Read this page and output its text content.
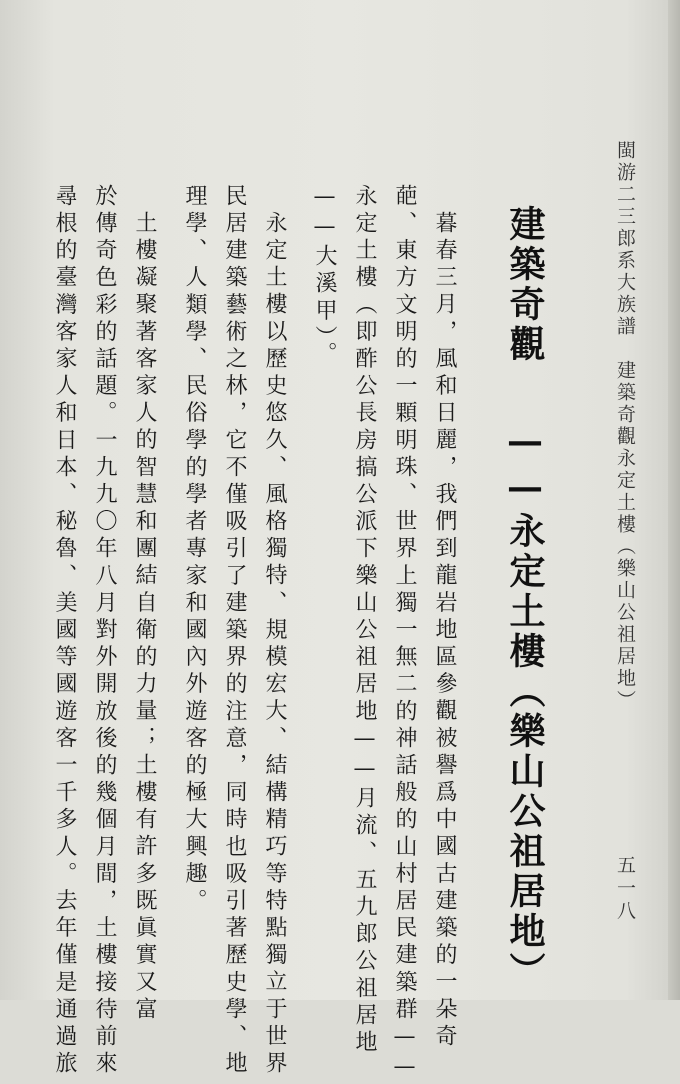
閩游二三郎系大族譜　建築奇觀永定土樓（樂山公祖居地）
五一八
建築奇觀
——永定土樓（樂山公祖居地）
暮春三月，風和日麗，我們到龍岩地區參觀被譽爲中國古建築的一朵奇
葩、東方文明的一顆明珠、世界上獨一無二的神話般的山村居民建築群——
永定土樓（即酢公長房搞公派下樂山公祖居地——月流、五九郎公祖居地
——大溪甲）。
永定土樓以歷史悠久、風格獨特、規模宏大、結構精巧等特點獨立于世界
民居建築藝術之林，它不僅吸引了建築界的注意，同時也吸引著歷史學、地
理學、人類學、民俗學的學者專家和國內外遊客的極大興趣。
土樓凝聚著客家人的智慧和團結自衛的力量；土樓有許多既眞實又富
於傳奇色彩的話題。一九九〇年八月對外開放後的幾個月間，土樓接待前來
尋根的臺灣客家人和日本、秘魯、美國等國遊客一千多人。去年僅是通過旅
